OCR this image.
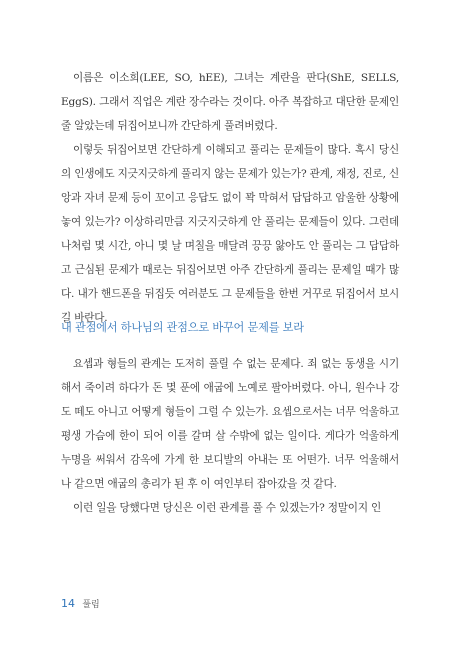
이름은 이소희(LEE, SO, hEE), 그녀는 계란을 판다(ShE, SELLS, EggS). 그래서 직업은 계란 장수라는 것이다. 아주 복잡하고 대단한 문제인 줄 알았는데 뒤집어보니까 간단하게 풀려버렸다.

이렇듯 뒤집어보면 간단하게 이해되고 풀리는 문제들이 많다. 혹시 당신의 인생에도 지긋지긋하게 풀리지 않는 문제가 있는가? 관계, 재정, 진로, 신앙과 자녀 문제 등이 꼬이고 응답도 없이 꽉 막혀서 답답하고 암울한 상황에 놓여 있는가? 이상하리만큼 지긋지긋하게 안 풀리는 문제들이 있다. 그런데 나처럼 몇 시간, 아니 몇 날 며칠을 매달려 끙끙 앓아도 안 풀리는 그 답답하고 근심된 문제가 때로는 뒤집어보면 아주 간단하게 풀리는 문제일 때가 많다. 내가 핸드폰을 뒤집듯 여러분도 그 문제들을 한번 거꾸로 뒤집어서 보시길 바란다.

내 관점에서 하나님의 관점으로 바꾸어 문제를 보라

요셉과 형들의 관계는 도저히 풀릴 수 없는 문제다. 죄 없는 동생을 시기해서 죽이려 하다가 돈 몇 푼에 애굽에 노예로 팔아버렸다. 아니, 원수나 강도 떼도 아니고 어떻게 형들이 그럴 수 있는가. 요셉으로서는 너무 억울하고 평생 가슴에 한이 되어 이를 갈며 살 수밖에 없는 일이다. 게다가 억울하게 누명을 써워서 감옥에 가게 한 보디발의 아내는 또 어떤가. 너무 억울해서 나 같으면 애굽의 총리가 된 후 이 여인부터 잡아갔을 것 같다.

이런 일을 당했다면 당신은 이런 관계를 풀 수 있겠는가? 정말이지 인

14 풀림
